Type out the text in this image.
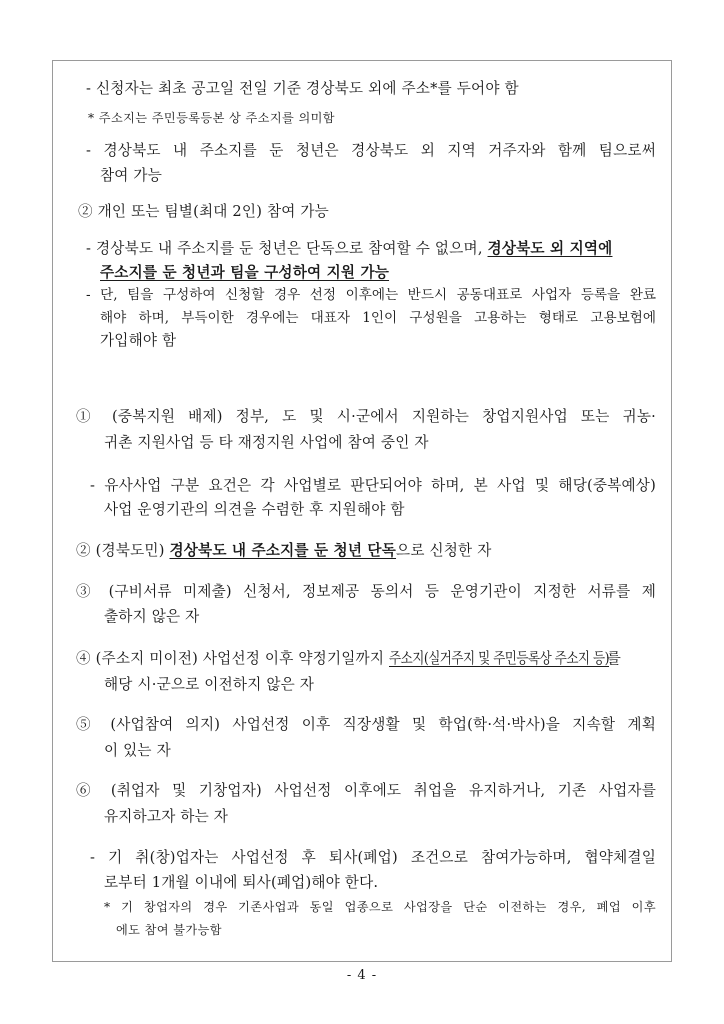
- 신청자는 최초 공고일 전일 기준 경상북도 외에 주소*를 두어야 함
* 주소지는 주민등록등본 상 주소지를 의미함
- 경상북도 내 주소지를 둔 청년은 경상북도 외 지역 거주자와 함께 팀으로써
참여 가능
② 개인 또는 팀별(최대 2인) 참여 가능
- 경상북도 내 주소지를 둔 청년은 단독으로 참여할 수 없으며, 경상북도 외 지역에
주소지를 둔 청년과 팀을 구성하여 지원 가능
- 단, 팀을 구성하여 신청할 경우 선정 이후에는 반드시 공동대표로 사업자 등록을 완료
해야 하며, 부득이한 경우에는 대표자 1인이 구성원을 고용하는 형태로 고용보험에
가입해야 함
① (중복지원 배제) 정부, 도 및 시·군에서 지원하는 창업지원사업 또는 귀농·
귀촌 지원사업 등 타 재정지원 사업에 참여 중인 자
- 유사사업 구분 요건은 각 사업별로 판단되어야 하며, 본 사업 및 해당(중복예상)
사업 운영기관의 의견을 수렴한 후 지원해야 함
② (경북도민) 경상북도 내 주소지를 둔 청년 단독으로 신청한 자
③ (구비서류 미제출) 신청서, 정보제공 동의서 등 운영기관이 지정한 서류를 제
출하지 않은 자
④ (주소지 미이전) 사업선정 이후 약정기일까지 주소지(실거주지 및 주민등록상 주소지 등)를
해당 시·군으로 이전하지 않은 자
⑤ (사업참여 의지) 사업선정 이후 직장생활 및 학업(학·석·박사)을 지속할 계획
이 있는 자
⑥ (취업자 및 기창업자) 사업선정 이후에도 취업을 유지하거나, 기존 사업자를
유지하고자 하는 자
- 기 취(창)업자는 사업선정 후 퇴사(폐업) 조건으로 참여가능하며, 협약체결일
로부터 1개월 이내에 퇴사(폐업)해야 한다.
* 기 창업자의 경우 기존사업과 동일 업종으로 사업장을 단순 이전하는 경우, 폐업 이후
에도 참여 불가능함
- 4 -
